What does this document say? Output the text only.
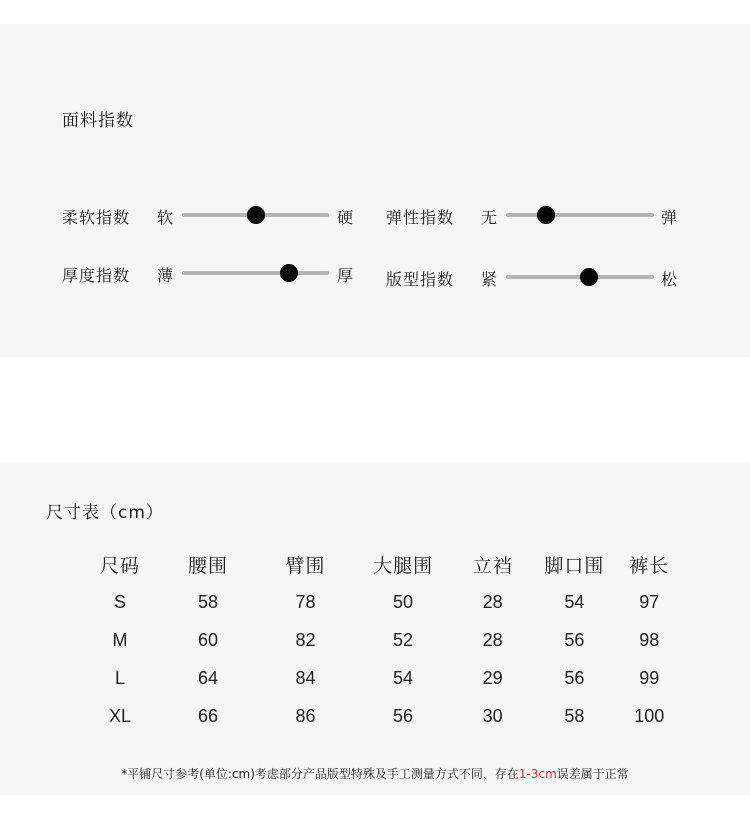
面料指数
柔软指数 软	硬 弹性指数 无	弹
厚度指数 薄	厚 版型指数 紧	松
尺寸表（cm）
尺码	腰围	臂围	大腿围	立裆	脚口围	裤长
S	58	78	50	28	54	97
M	60	82	52	28	56	98
L	64	84	54	29	56	99
XL	66	86	56	30	58	100
*平铺尺寸参考(单位:cm)考虑部分产品版型特殊及手工测量方式不同，存在1-3cm误差属于正常
